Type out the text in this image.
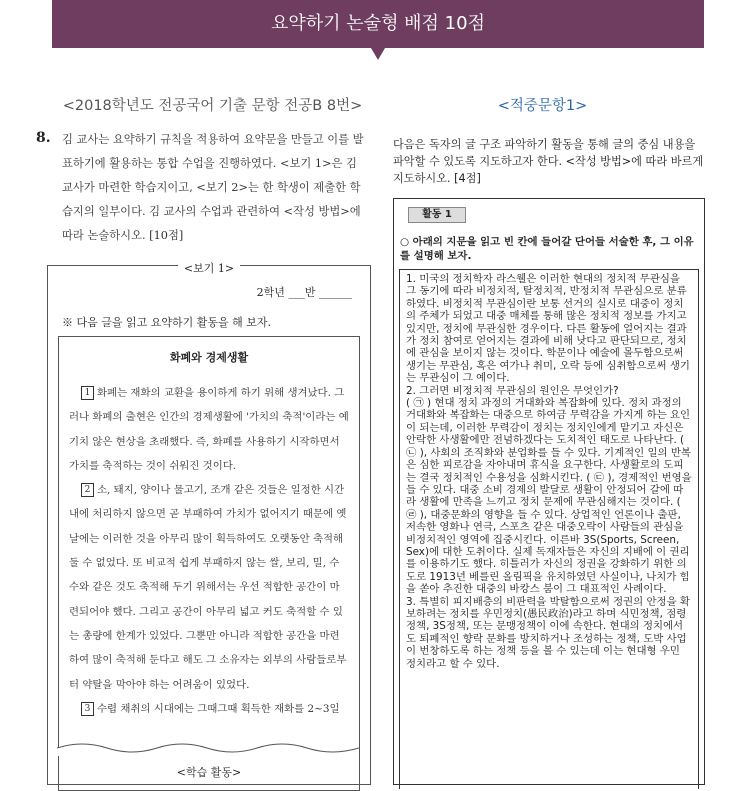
요약하기 논술형 배점 10점
<2018학년도 전공국어 기출 문항 전공B 8번>	<적중문항1>
8. 김 교사는 요약하기 규칙을 적용하여 요약문을 만들고 이를 발표하기에 활용하는 통합 수업을 진행하였다. <보기 1>은 김 교사가 마련한 학습지이고, <보기 2>는 한 학생이 제출한 학습지의 일부이다. 김 교사의 수업과 관련하여 <작성 방법>에 따라 논술하시오. [10점]
<보기 1>
2학년 ___반 ______
※ 다음 글을 읽고 요약하기 활동을 해 보자.
화폐와 경제생활

1 화폐는 재화의 교환을 용이하게 하기 위해 생겨났다. 그러나 화폐의 출현은 인간의 경제생활에 '가치의 축적'이라는 예기치 않은 현상을 초래했다. 즉, 화폐를 사용하기 시작하면서 가치를 축적하는 것이 쉬워진 것이다.

2 소, 돼지, 양이나 물고기, 조개 같은 것들은 일정한 시간 내에 처리하지 않으면 곧 부패하여 가치가 없어지기 때문에 옛날에는 이러한 것을 아무리 많이 획득하여도 오랫동안 축적해 둘 수 없었다. 또 비교적 쉽게 부패하지 않는 쌀, 보리, 밀, 수수와 같은 것도 축적해 두기 위해서는 우선 적합한 공간이 마련되어야 했다. 그리고 공간이 아무리 넓고 커도 축적할 수 있는 총량에 한계가 있었다. 그뿐만 아니라 적합한 공간을 마련하여 많이 축적해 둔다고 해도 그 소유자는 외부의 사람들로부터 약탈을 막아야 하는 어려움이 있었다.

3 수렵 채취의 시대에는 그때그때 획득한 재화를 2~3일

<학습 활동>
다음은 독자의 글 구조 파악하기 활동을 통해 글의 중심 내용을 파악할 수 있도록 지도하고자 한다. <작성 방법>에 따라 바르게 지도하시오. [4점]
활동 1
○ 아래의 지문을 읽고 빈 칸에 들어갈 단어들 서술한 후, 그 이유를 설명해 보자.

1. 미국의 정치학자 라스웰은 이러한 현대의 정치적 무관심을 그 동기에 따라 비정치적, 탈정치적, 반정치적 무관심으로 분류하였다. 비정치적 무관심이란 보통 선거의 실시로 대중이 정치의 주체가 되었고 대중 매체를 통해 많은 정치적 정보를 가지고 있지만, 정치에 무관심한 경우이다. 다른 활동에 얼어지는 결과가 정치 참여로 얻어지는 결과에 비해 낫다고 판단되므로, 정치에 관심을 보이지 않는 것이다. 학문이나 예술에 몰두함으로써 생기는 무관심, 혹은 여가나 취미, 오락 등에 심취함으로써 생기는 무관심이 그 예이다.

2. 그러면 비정치적 무관심의 원인은 무엇인가?

( ㉠ ) 현대 정치 과정의 거대화와 복잡화에 있다. 정치 과정의 거대화와 복잡화는 대중으로 하여금 무력감을 가지게 하는 요인이 되는데, 이러한 무력감이 정치는 정치인에게 맡기고 자신은 안락한 사생활에만 전념하겠다는 도치적인 태도로 나타난다. ( ㉡ ), 사회의 조직화와 분업화를 들 수 있다. 기계적인 일의 반복은 심한 피로감을 자아내며 휴식을 요구한다. 사생활로의 도피는 결국 정치적인 수용성을 심화시킨다. ( ㉢ ), 경제적인 번영을 들 수 있다. 대중 소비 경제의 발달로 생활이 안정되어 갈에 따라 생활에 만족을 느끼고 정치 문제에 무관심해지는 것이다. ( ㉣ ), 대중문화의 영향을 들 수 있다. 상업적인 언론이나 출판, 저속한 영화나 연극, 스포츠 같은 대중오락이 사람들의 관심을 비정치적인 영역에 집중시킨다. 이른바 3S(Sports, Screen, Sex)에 대한 도취이다. 실제 독재자들은 자신의 지배에 이 권리를 이용하기도 했다. 히틀러가 자신의 정권을 강화하기 위한 의도로 1913년 베를린 올림픽을 유치하였던 사실이나, 나치가 힘을 쏟아 추진한 대중의 바캉스 붐이 그 대표적인 사례이다.

3. 특별히 피지배층의 비판력을 박탈함으로써 정권의 안정을 확보하려는 정치를 우민정치(愚民政治)라고 하며 식민정책, 점령정책, 3S정책, 또는 문맹정책이 이에 속한다. 현대의 정치에서도 퇴폐적인 향락 문화를 방치하거나 조성하는 정책, 도박 사업이 번창하도록 하는 정책 등을 볼 수 있는데 이는 현대형 우민 정치라고 할 수 있다.
